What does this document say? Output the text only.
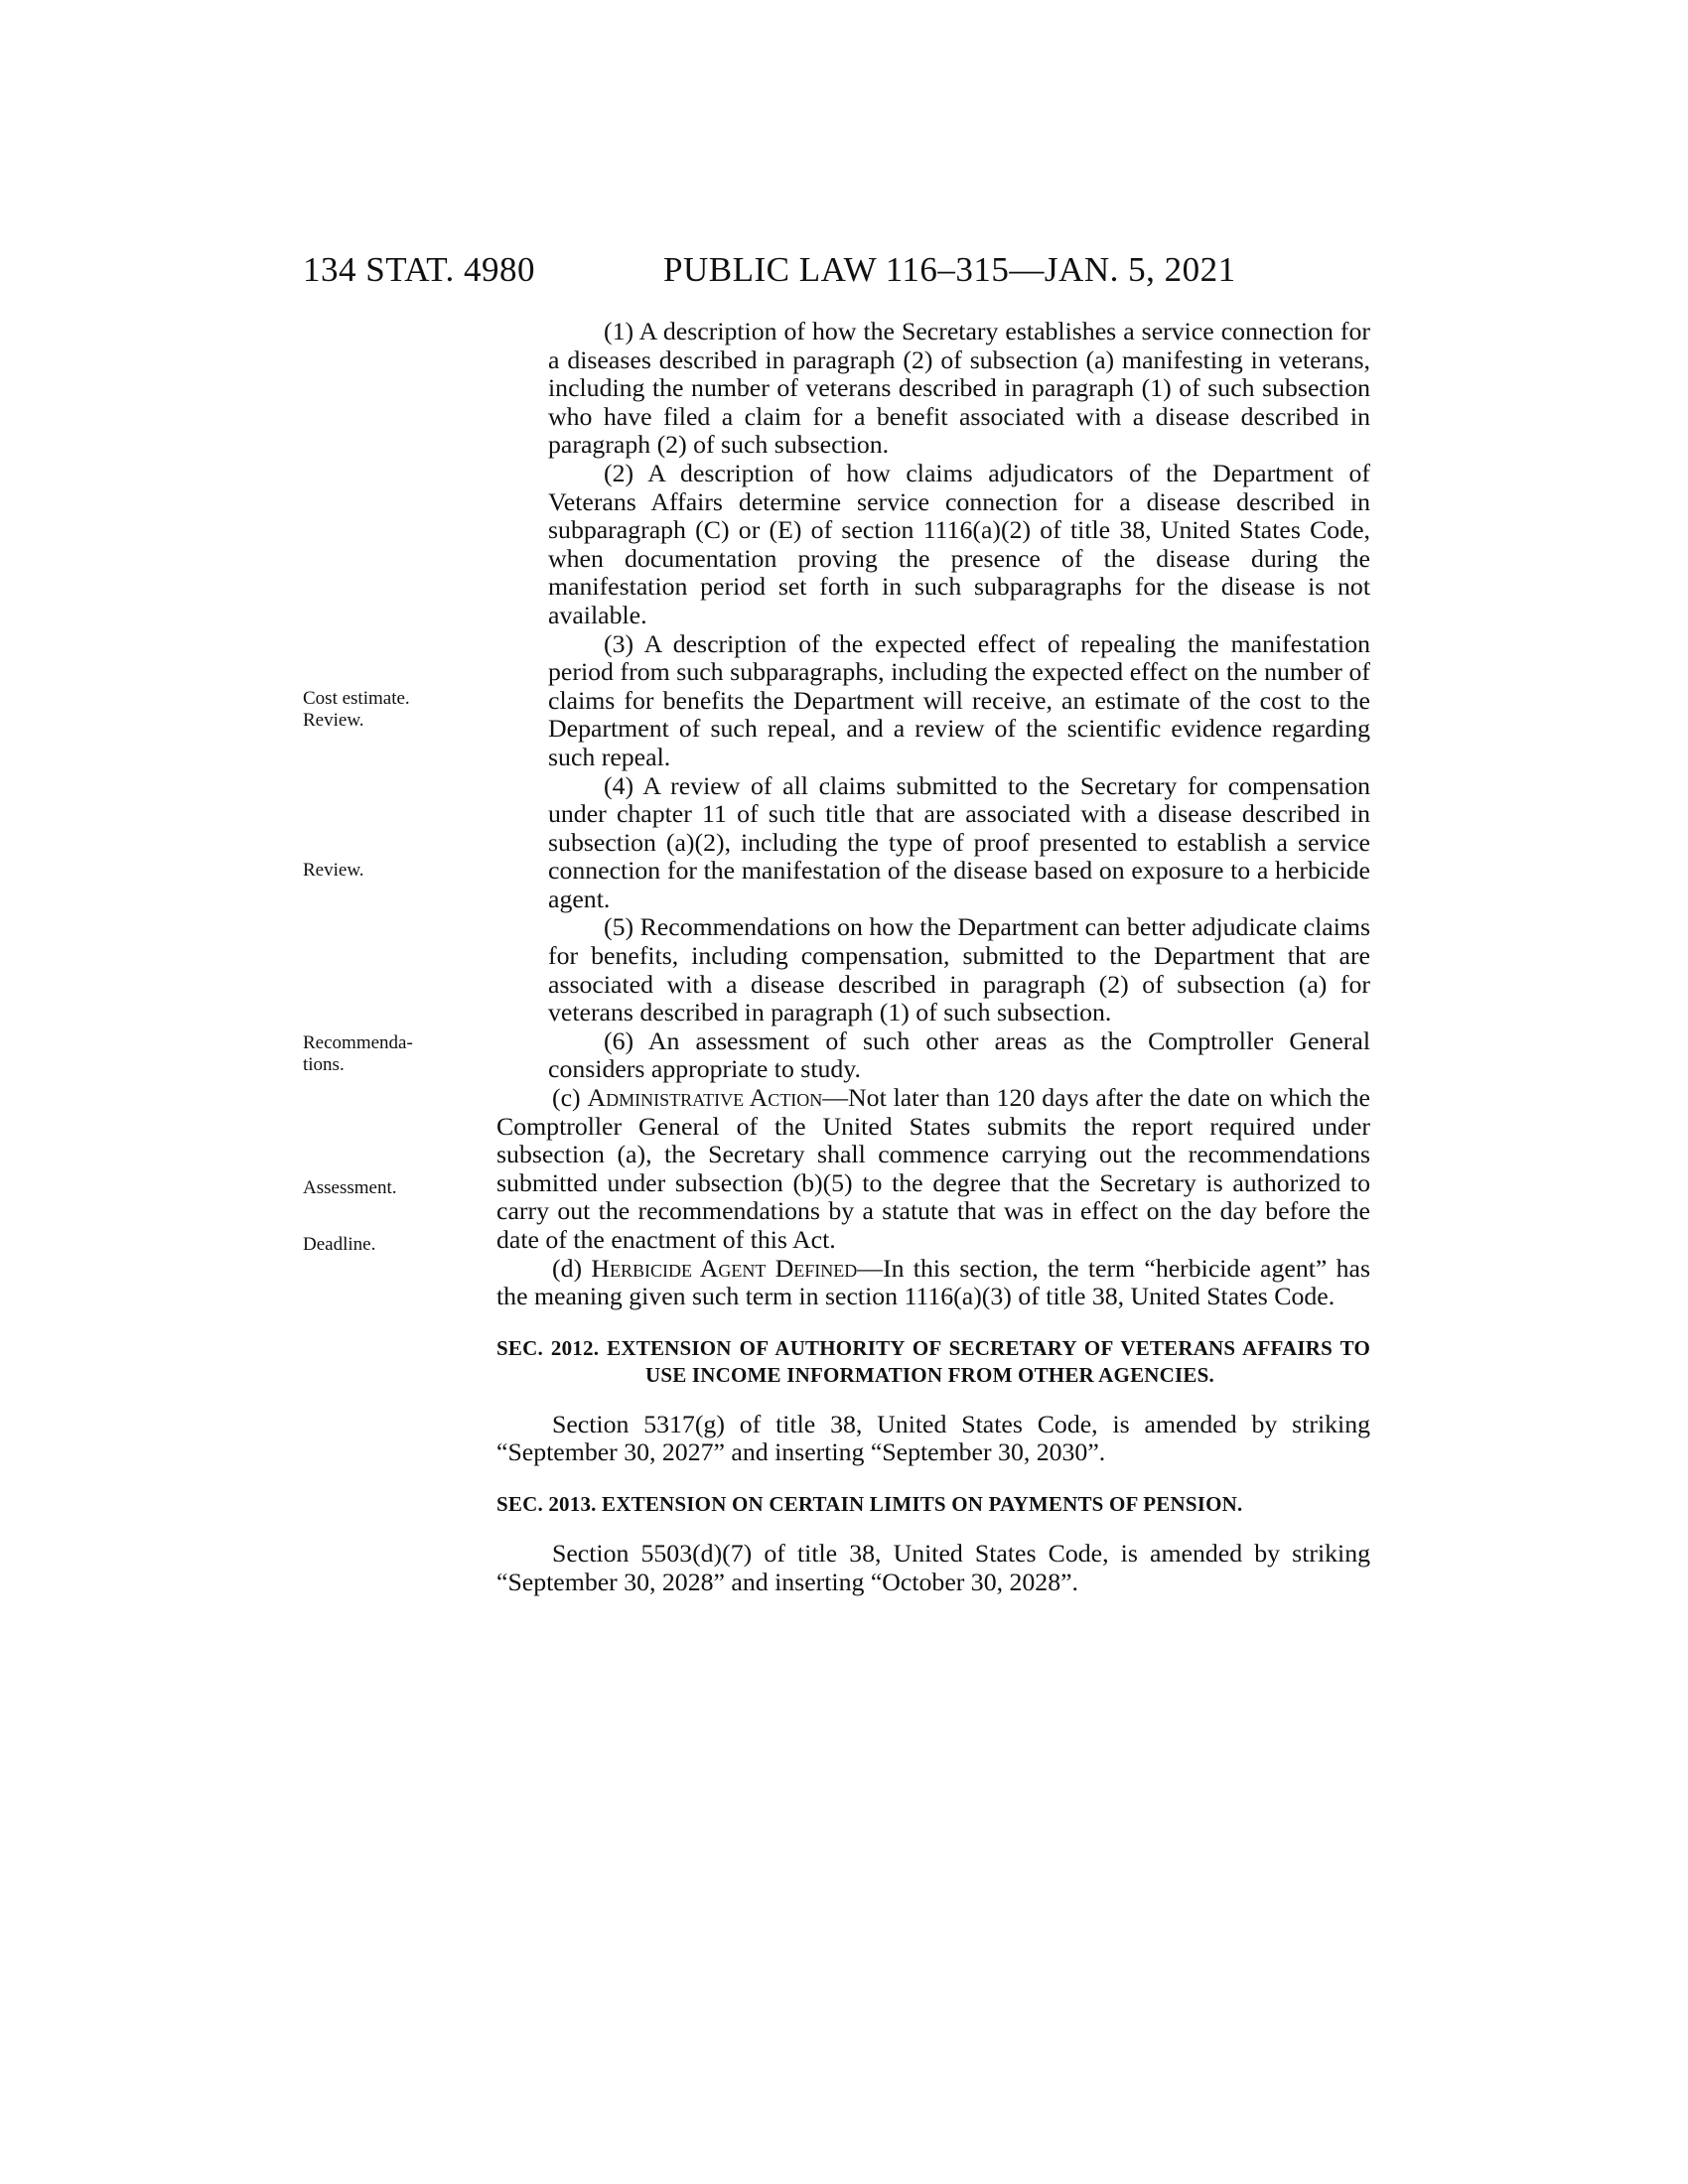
134 STAT. 4980	PUBLIC LAW 116–315—JAN. 5, 2021
Cost estimate.
Review.
Review.
Recommenda-
tions.
Assessment.
Deadline.

(1) A description of how the Secretary establishes a service connection for a diseases described in paragraph (2) of subsection (a) manifesting in veterans, including the number of veterans described in paragraph (1) of such subsection who have filed a claim for a benefit associated with a disease described in paragraph (2) of such subsection.

(2) A description of how claims adjudicators of the Department of Veterans Affairs determine service connection for a disease described in subparagraph (C) or (E) of section 1116(a)(2) of title 38, United States Code, when documentation proving the presence of the disease during the manifestation period set forth in such subparagraphs for the disease is not available.

(3) A description of the expected effect of repealing the manifestation period from such subparagraphs, including the expected effect on the number of claims for benefits the Department will receive, an estimate of the cost to the Department of such repeal, and a review of the scientific evidence regarding such repeal.

(4) A review of all claims submitted to the Secretary for compensation under chapter 11 of such title that are associated with a disease described in subsection (a)(2), including the type of proof presented to establish a service connection for the manifestation of the disease based on exposure to a herbicide agent.

(5) Recommendations on how the Department can better adjudicate claims for benefits, including compensation, submitted to the Department that are associated with a disease described in paragraph (2) of subsection (a) for veterans described in paragraph (1) of such subsection.

(6) An assessment of such other areas as the Comptroller General considers appropriate to study.

(c) Administrative Action—Not later than 120 days after the date on which the Comptroller General of the United States submits the report required under subsection (a), the Secretary shall commence carrying out the recommendations submitted under subsection (b)(5) to the degree that the Secretary is authorized to carry out the recommendations by a statute that was in effect on the day before the date of the enactment of this Act.

(d) Herbicide Agent Defined—In this section, the term “herbicide agent” has the meaning given such term in section 1116(a)(3) of title 38, United States Code.

SEC. 2012. EXTENSION OF AUTHORITY OF SECRETARY OF VETERANS AFFAIRS TO USE INCOME INFORMATION FROM OTHER AGENCIES.

Section 5317(g) of title 38, United States Code, is amended by striking “September 30, 2027” and inserting “September 30, 2030”.

SEC. 2013. EXTENSION ON CERTAIN LIMITS ON PAYMENTS OF PENSION.

Section 5503(d)(7) of title 38, United States Code, is amended by striking “September 30, 2028” and inserting “October 30, 2028”.
